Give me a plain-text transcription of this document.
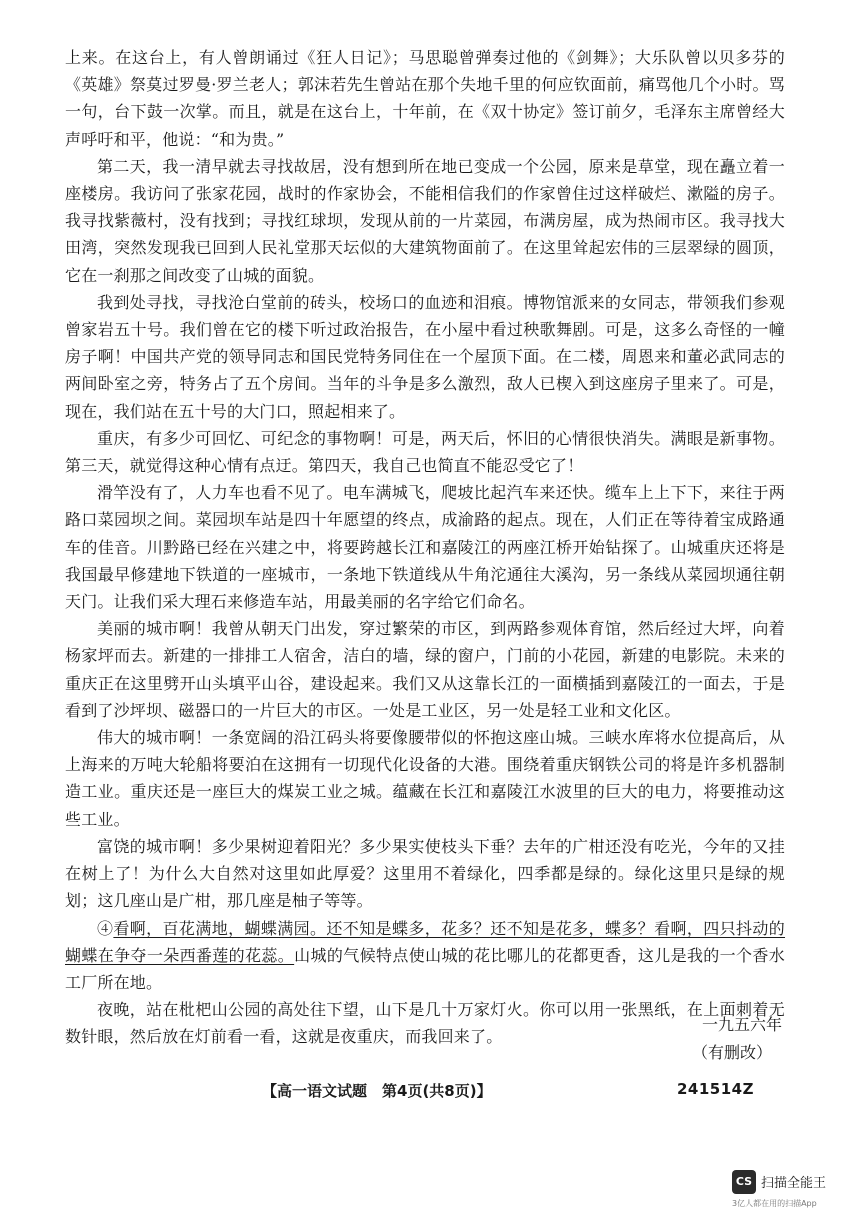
上来。在这台上，有人曾朗诵过《狂人日记》；马思聪曾弹奏过他的《剑舞》；大乐队曾以贝多芬的《英雄》祭莫过罗曼·罗兰老人；郭沫若先生曾站在那个失地千里的何应钦面前，痛骂他几个小时。骂一句，台下鼓一次掌。而且，就是在这台上，十年前，在《双十协定》签订前夕，毛泽东主席曾经大声呼吁和平，他说：“和为贵。”

第二天，我一清早就去寻找故居，没有想到所在地已变成一个公园，原来是草堂，现在矗立着一座楼房。我访问了张家花园，战时的作家协会，不能相信我们的作家曾住过这样破烂、漱隘的房子。我寻找紫薇村，没有找到；寻找红球坝，发现从前的一片菜园，布满房屋，成为热闹市区。我寻找大田湾，突然发现我已回到人民礼堂那天坛似的大建筑物面前了。在这里耸起宏伟的三层翠绿的圆顶，它在一刹那之间改变了山城的面貌。

我到处寻找，寻找沧白堂前的砖头，校场口的血迹和泪痕。博物馆派来的女同志，带领我们参观曾家岩五十号。我们曾在它的楼下听过政治报告，在小屋中看过秧歌舞剧。可是，这多么奇怪的一幢房子啊！中国共产党的领导同志和国民党特务同住在一个屋顶下面。在二楼，周恩来和董必武同志的两间卧室之旁，特务占了五个房间。当年的斗争是多么激烈，敌人已楔入到这座房子里来了。可是，现在，我们站在五十号的大门口，照起相来了。

重庆，有多少可回忆、可纪念的事物啊！可是，两天后，怀旧的心情很快消失。满眼是新事物。第三天，就觉得这种心情有点迂。第四天，我自己也简直不能忍受它了！

滑竿没有了，人力车也看不见了。电车满城飞，爬坡比起汽车来还快。缆车上上下下，来往于两路口菜园坝之间。菜园坝车站是四十年愿望的终点，成渝路的起点。现在，人们正在等待着宝成路通车的佳音。川黔路已经在兴建之中，将要跨越长江和嘉陵江的两座江桥开始钻探了。山城重庆还将是我国最早修建地下铁道的一座城市，一条地下铁道线从牛角沱通往大溪沟，另一条线从菜园坝通往朝天门。让我们采大理石来修造车站，用最美丽的名字给它们命名。

美丽的城市啊！我曾从朝天门出发，穿过繁荣的市区，到两路参观体育馆，然后经过大坪，向着杨家坪而去。新建的一排排工人宿舍，洁白的墙，绿的窗户，门前的小花园，新建的电影院。未来的重庆正在这里劈开山头填平山谷，建设起来。我们又从这靠长江的一面横插到嘉陵江的一面去，于是看到了沙坪坝、磁器口的一片巨大的市区。一处是工业区，另一处是轻工业和文化区。

伟大的城市啊！一条宽阔的沿江码头将要像腰带似的怀抱这座山城。三峡水库将水位提高后，从上海来的万吨大轮船将要泊在这拥有一切现代化设备的大港。围绕着重庆钢铁公司的将是许多机器制造工业。重庆还是一座巨大的煤炭工业之城。蕴藏在长江和嘉陵江水波里的巨大的电力，将要推动这些工业。

富饶的城市啊！多少果树迎着阳光？多少果实使枝头下垂？去年的广柑还没有吃光，今年的又挂在树上了！为什么大自然对这里如此厚爱？这里用不着绿化，四季都是绿的。绿化这里只是绿的规划；这几座山是广柑，那几座是柚子等等。

④看啊，百花满地，蝴蝶满园。还不知是蝶多，花多？还不知是花多，蝶多？看啊，四只抖动的蝴蝶在争夺一朵西番莲的花蕊。山城的气候特点使山城的花比哪儿的花都更香，这儿是我的一个香水工厂所在地。

夜晚，站在枇杷山公园的高处往下望，山下是几十万家灯火。你可以用一张黑纸，在上面刺着无数针眼，然后放在灯前看一看，这就是夜重庆，而我回来了。

一九五六年
（有删改）
【高一语文试题　第4页(共8页)】	241514Z
CS 扫描全能王
3亿人都在用的扫描App
